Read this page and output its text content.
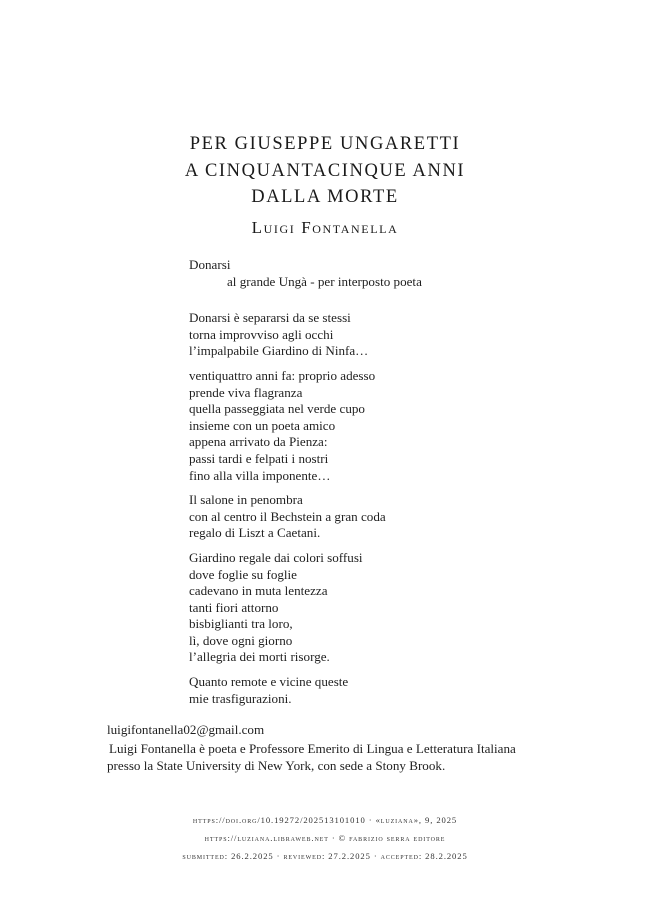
PER GIUSEPPE UNGARETTI
A CINQUANTACINQUE ANNI
DALLA MORTE
Luigi Fontanella
Donarsi
al grande Ungà - per interposto poeta
Donarsi è separarsi da se stessi
torna improvviso agli occhi
l’impalpabile Giardino di Ninfa…
ventiquattro anni fa: proprio adesso
prende viva flagranza
quella passeggiata nel verde cupo
insieme con un poeta amico
appena arrivato da Pienza:
passi tardi e felpati i nostri
fino alla villa imponente…
Il salone in penombra
con al centro il Bechstein a gran coda
regalo di Liszt a Caetani.
Giardino regale dai colori soffusi
dove foglie su foglie
cadevano in muta lentezza
tanti fiori attorno
bisbiglianti tra loro,
lì, dove ogni giorno
l’allegria dei morti risorge.
Quanto remote e vicine queste
mie trasfigurazioni.
luigifontanella02@gmail.com
Luigi Fontanella è poeta e Professore Emerito di Lingua e Letteratura Italiana
presso la State University di New York, con sede a Stony Brook.
https://doi.org/10.19272/202513101010 · «luziana», 9, 2025
https://luziana.libraweb.net · © fabrizio serra editore
submitted: 26.2.2025 · reviewed: 27.2.2025 · accepted: 28.2.2025
